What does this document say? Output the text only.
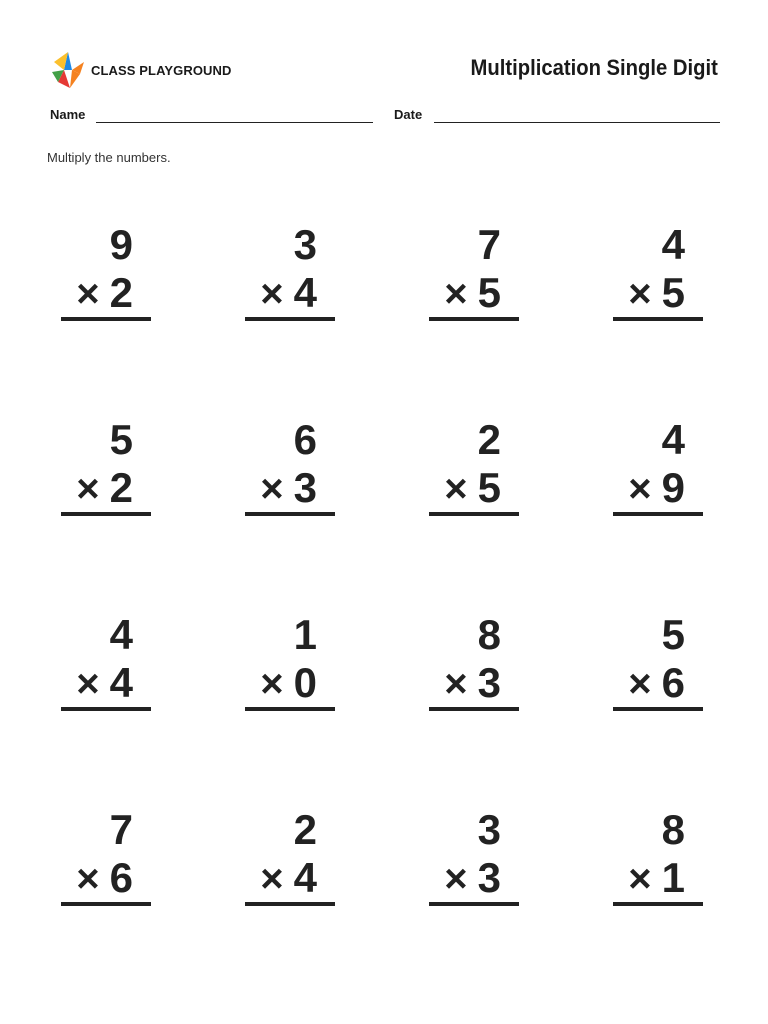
CLASS PLAYGROUND	Multiplication Single Digit
Name	Date
Multiply the numbers.
9
× 2
3
× 4
7
× 5
4
× 5
5
× 2
6
× 3
2
× 5
4
× 9
4
× 4
1
× 0
8
× 3
5
× 6
7
× 6
2
× 4
3
× 3
8
× 1
